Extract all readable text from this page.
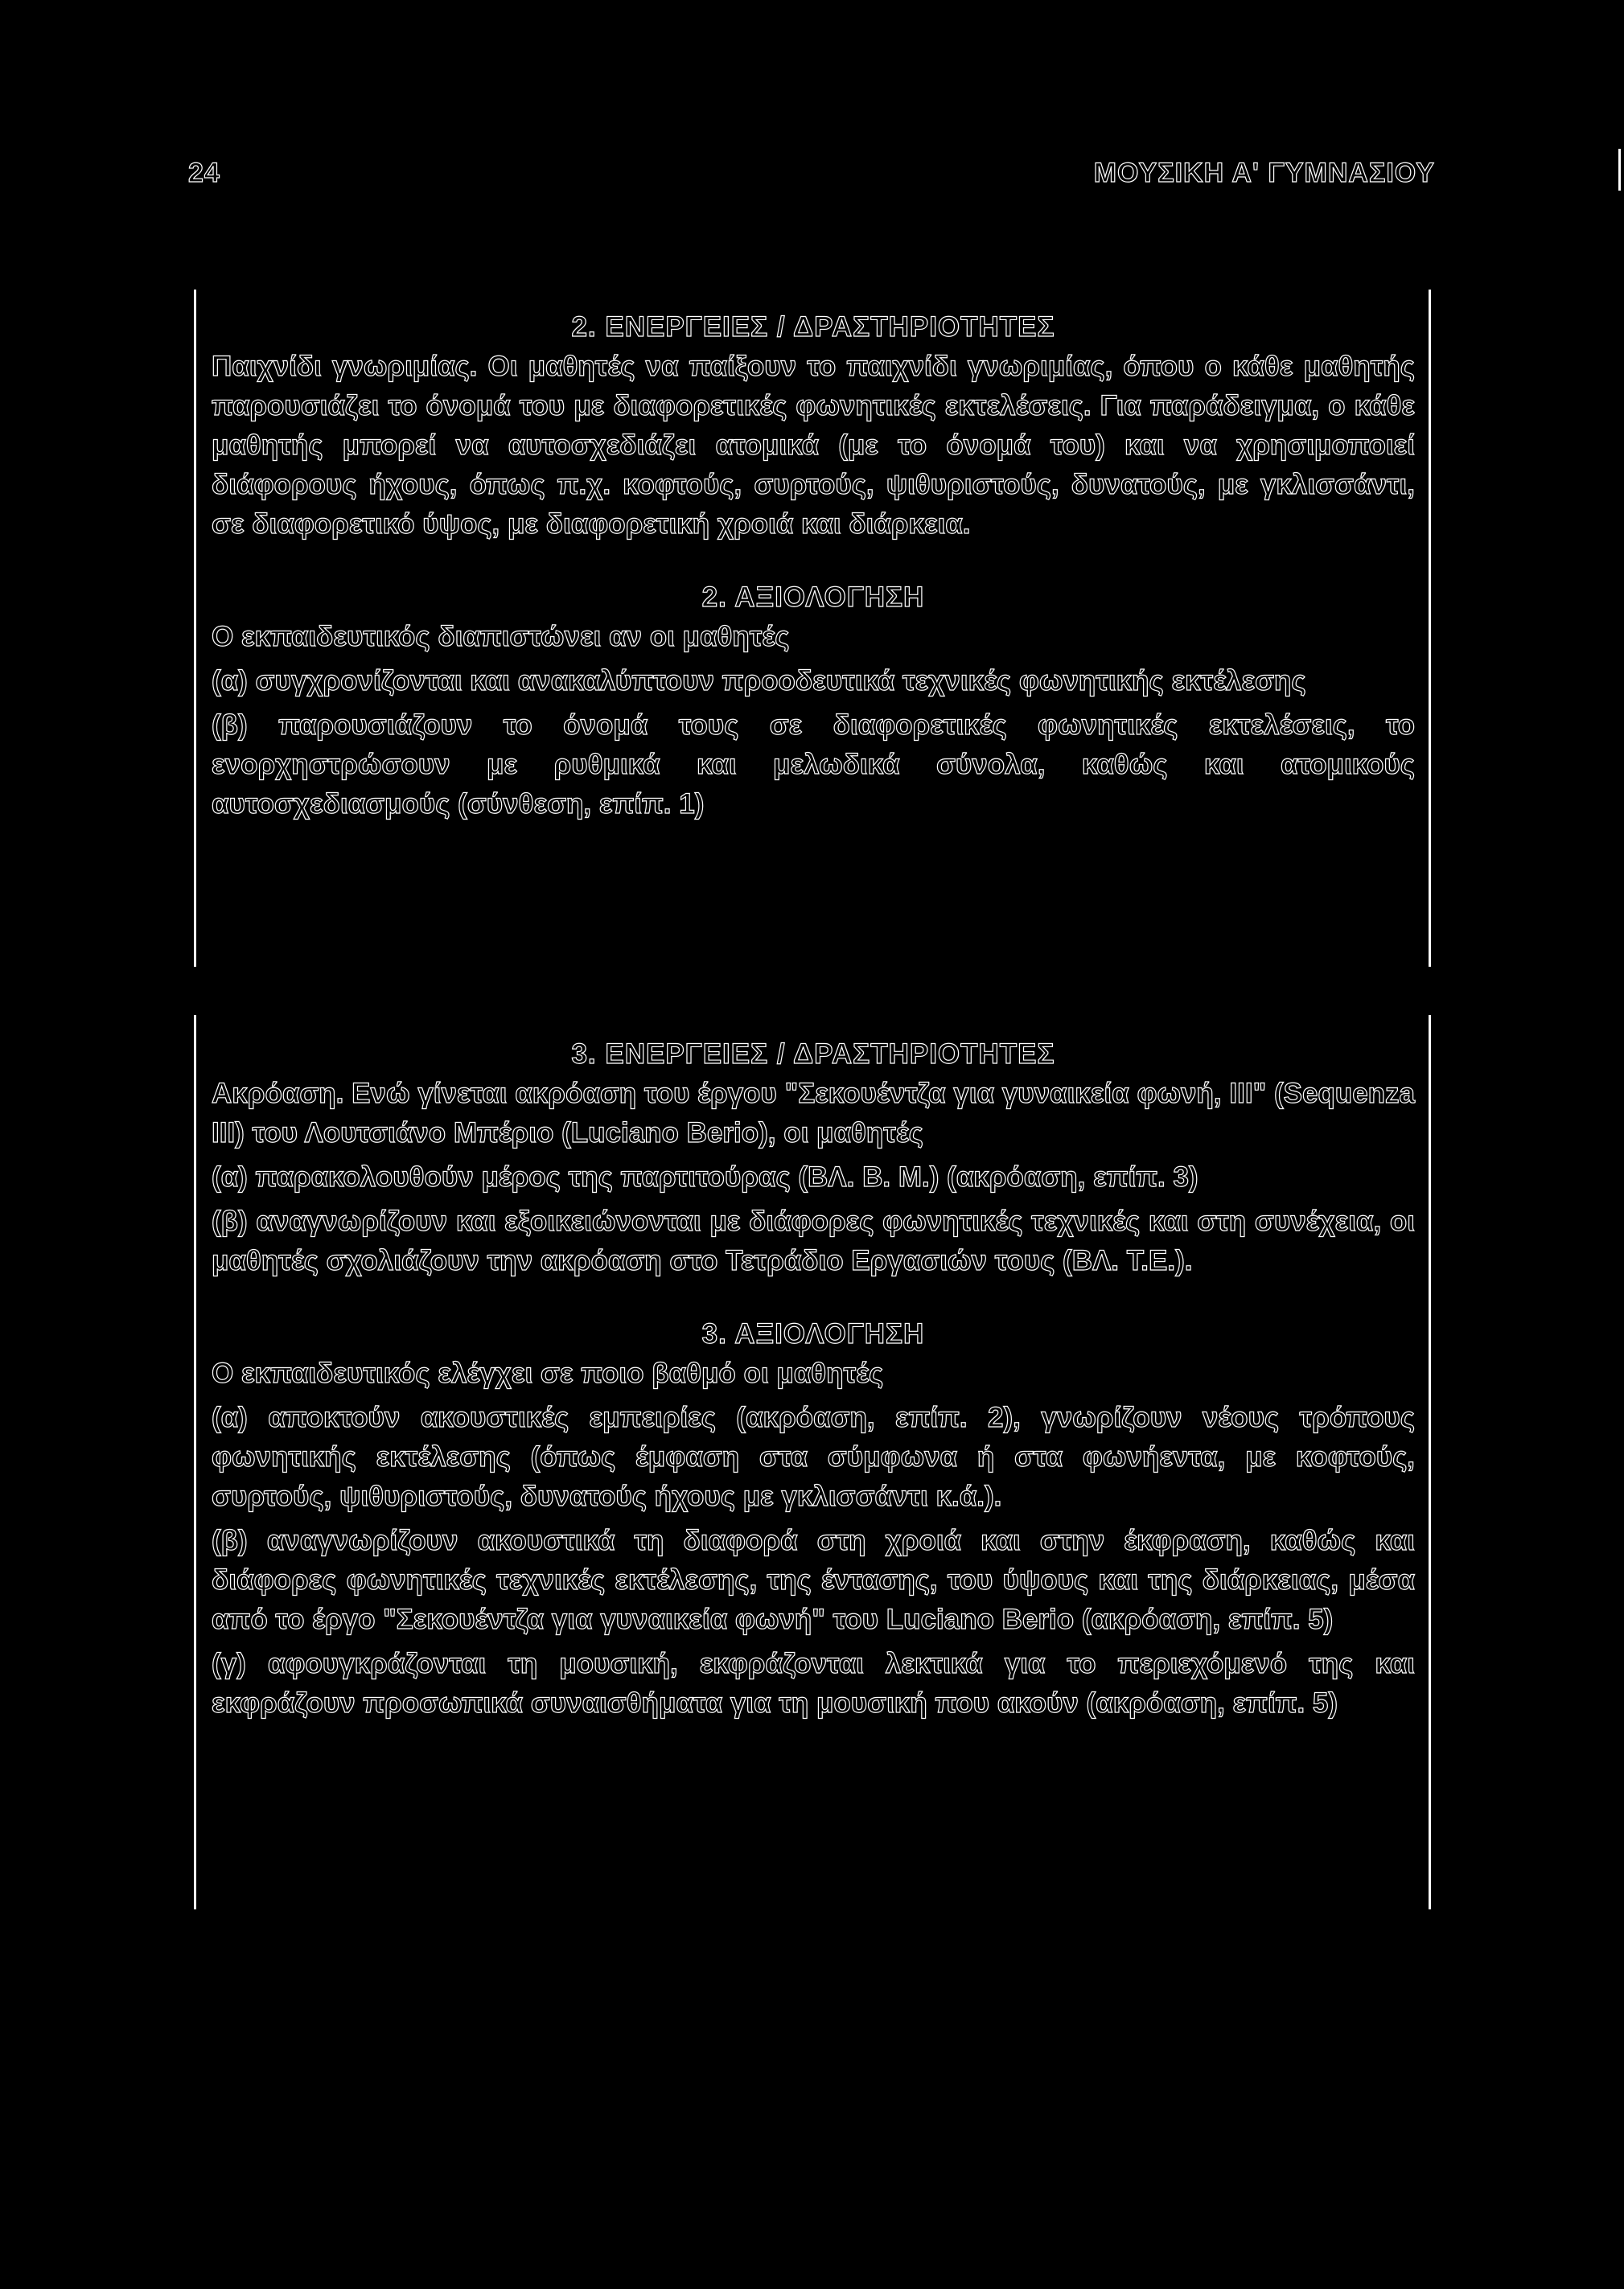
24	ΜΟΥΣΙΚΗ Α' ΓΥΜΝΑΣΙΟΥ
2. ΕΝΕΡΓΕΙΕΣ / ΔΡΑΣΤΗΡΙΟΤΗΤΕΣ

Παιχνίδι γνωριμίας. Οι μαθητές να παίξουν το παιχνίδι γνωριμίας, όπου ο κάθε μαθητής παρουσιάζει το όνομά του με διαφορετικές φωνητικές εκτελέσεις. Για παράδειγμα, ο κάθε μαθητής μπορεί να αυτοσχεδιάζει ατομικά (με το όνομά του) και να χρησιμοποιεί διάφορους ήχους, όπως π.χ. κοφτούς, συρτούς, ψιθυριστούς, δυνατούς, με γκλισσάντι, σε διαφορετικό ύψος, με διαφορετική χροιά και διάρκεια.

2. ΑΞΙΟΛΟΓΗΣΗ

Ο εκπαιδευτικός διαπιστώνει αν οι μαθητές

(α) συγχρονίζονται και ανακαλύπτουν προοδευτικά τεχνικές φωνητικής εκτέλεσης

(β) παρουσιάζουν το όνομά τους σε διαφορετικές φωνητικές εκτελέσεις, το ενορχηστρώσουν με ρυθμικά και μελωδικά σύνολα, καθώς και ατομικούς αυτοσχεδιασμούς (σύνθεση, επίπ. 1)

3. ΕΝΕΡΓΕΙΕΣ / ΔΡΑΣΤΗΡΙΟΤΗΤΕΣ

Ακρόαση. Ενώ γίνεται ακρόαση του έργου "Σεκουέντζα για γυναικεία φωνή, ΙΙΙ" (Sequenza III) του Λουτσιάνο Μπέριο (Luciano Berio), οι μαθητές

(α) παρακολουθούν μέρος της παρτιτούρας (ΒΛ. Β. Μ.) (ακρόαση, επίπ. 3)

(β) αναγνωρίζουν και εξοικειώνονται με διάφορες φωνητικές τεχνικές και στη συνέχεια, οι μαθητές σχολιάζουν την ακρόαση στο Τετράδιο Εργασιών τους (ΒΛ. Τ.Ε.).

3. ΑΞΙΟΛΟΓΗΣΗ

Ο εκπαιδευτικός ελέγχει σε ποιο βαθμό οι μαθητές

(α) αποκτούν ακουστικές εμπειρίες (ακρόαση, επίπ. 2), γνωρίζουν νέους τρόπους φωνητικής εκτέλεσης (όπως έμφαση στα σύμφωνα ή στα φωνήεντα, με κοφτούς, συρτούς, ψιθυριστούς, δυνατούς ήχους με γκλισσάντι κ.ά.).

(β) αναγνωρίζουν ακουστικά τη διαφορά στη χροιά και στην έκφραση, καθώς και διάφορες φωνητικές τεχνικές εκτέλεσης, της έντασης, του ύψους και της διάρκειας, μέσα από το έργο "Σεκουέντζα για γυναικεία φωνή" του Luciano Berio (ακρόαση, επίπ. 5)

(γ) αφουγκράζονται τη μουσική, εκφράζονται λεκτικά για το περιεχόμενό της και εκφράζουν προσωπικά συναισθήματα για τη μουσική που ακούν (ακρόαση, επίπ. 5)
